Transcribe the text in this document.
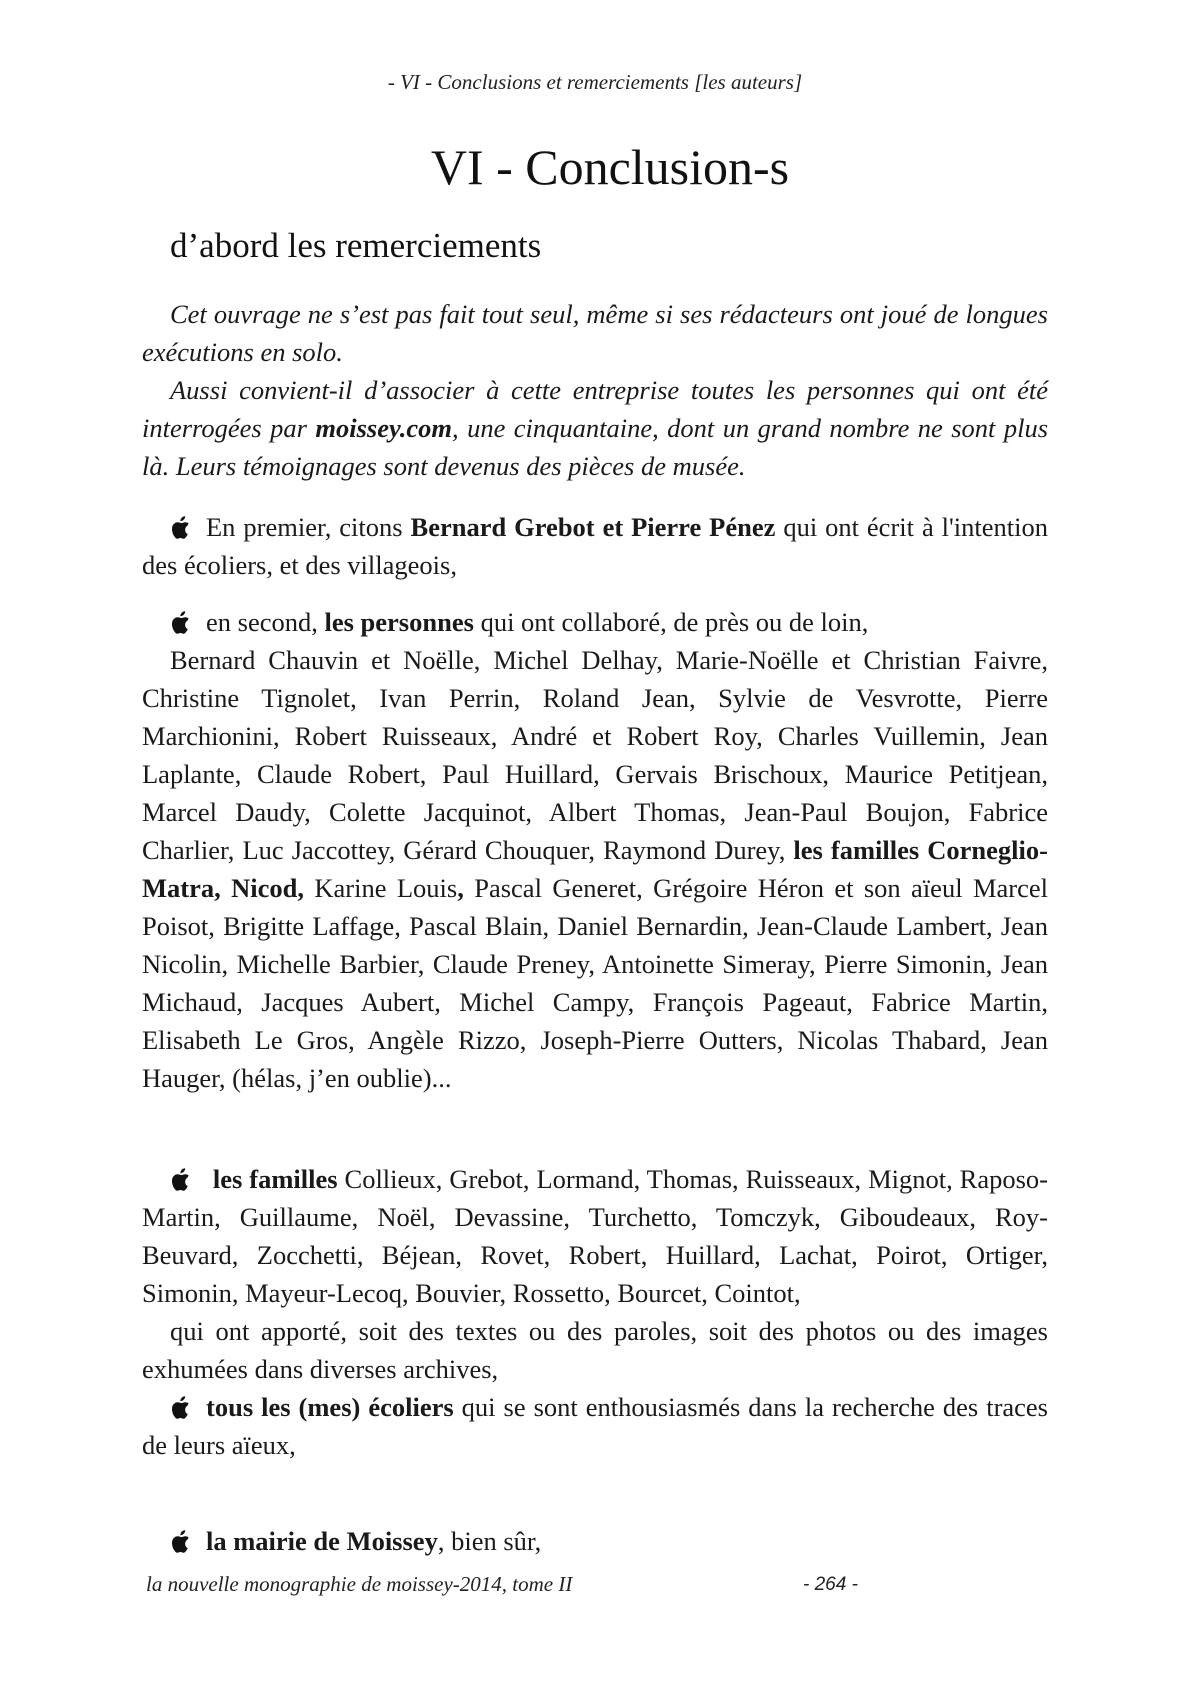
- VI - Conclusions et remerciements [les auteurs]
VI - Conclusion-s
d’abord les remerciements

Cet ouvrage ne s’est pas fait tout seul, même si ses rédacteurs ont joué de longues exécutions en solo.

Aussi convient-il d’associer à cette entreprise toutes les personnes qui ont été interrogées par moissey.com, une cinquantaine, dont un grand nombre ne sont plus là. Leurs témoignages sont devenus des pièces de musée.

En premier, citons Bernard Grebot et Pierre Pénez qui ont écrit à l'intention des écoliers, et des villageois,

en second, les personnes qui ont collaboré, de près ou de loin,

Bernard Chauvin et Noëlle, Michel Delhay, Marie-Noëlle et Christian Faivre, Christine Tignolet, Ivan Perrin, Roland Jean, Sylvie de Vesvrotte, Pierre Marchionini, Robert Ruisseaux, André et Robert Roy, Charles Vuillemin, Jean Laplante, Claude Robert, Paul Huillard, Gervais Brischoux, Maurice Petitjean, Marcel Daudy, Colette Jacquinot, Albert Thomas, Jean-Paul Boujon, Fabrice Charlier, Luc Jaccottey, Gérard Chouquer, Raymond Durey, les familles Corneglio-Matra, Nicod, Karine Louis, Pascal Generet, Grégoire Héron et son aïeul Marcel Poisot, Brigitte Laffage, Pascal Blain, Daniel Bernardin, Jean-Claude Lambert, Jean Nicolin, Michelle Barbier, Claude Preney, Antoinette Simeray, Pierre Simonin, Jean Michaud, Jacques Aubert, Michel Campy, François Pageaut, Fabrice Martin, Elisabeth Le Gros, Angèle Rizzo, Joseph-Pierre Outters, Nicolas Thabard, Jean Hauger, (hélas, j’en oublie)...

les familles Collieux, Grebot, Lormand, Thomas, Ruisseaux, Mignot, Raposo-Martin, Guillaume, Noël, Devassine, Turchetto, Tomczyk, Giboudeaux, Roy-Beuvard, Zocchetti, Béjean, Rovet, Robert, Huillard, Lachat, Poirot, Ortiger, Simonin, Mayeur-Lecoq, Bouvier, Rossetto, Bourcet, Cointot,

qui ont apporté, soit des textes ou des paroles, soit des photos ou des images exhumées dans diverses archives,

tous les (mes) écoliers qui se sont enthousiasmés dans la recherche des traces de leurs aïeux,

la mairie de Moissey, bien sûr,

la nouvelle monographie de moissey-2014, tome II	- 264 -
